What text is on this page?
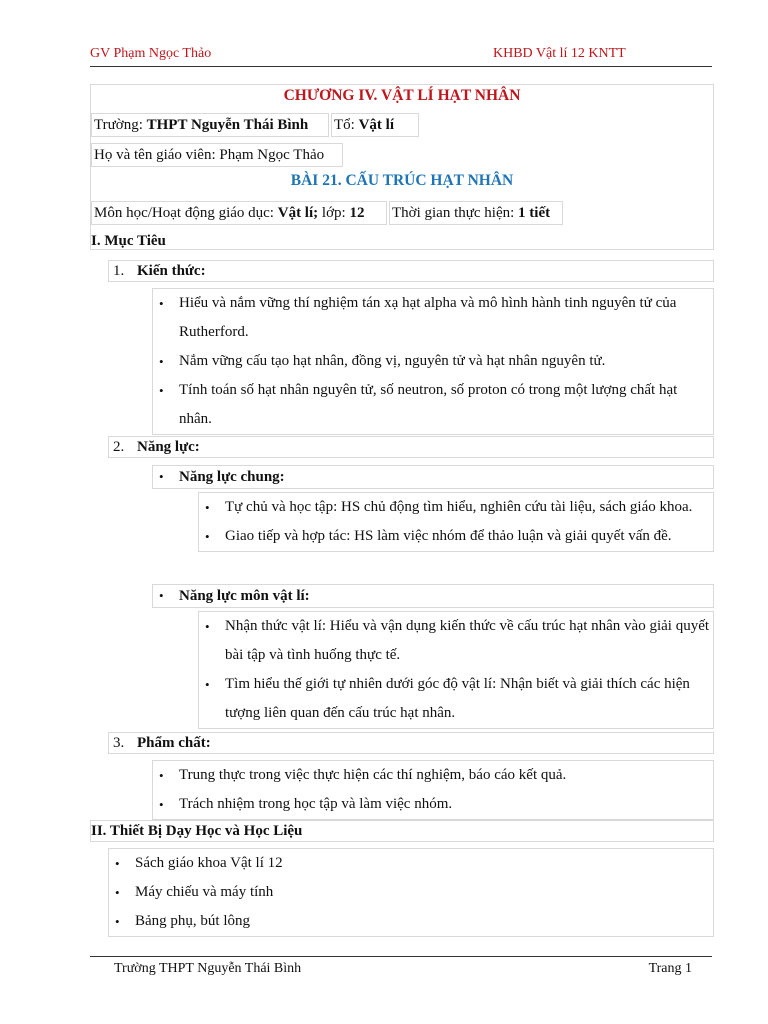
GV Phạm Ngọc Thảo	KHBD Vật lí 12 KNTT
CHƯƠNG IV. VẬT LÍ HẠT NHÂN
Trường: THPT Nguyễn Thái Bình	Tổ: Vật lí
Họ và tên giáo viên: Phạm Ngọc Thảo
BÀI 21. CẤU TRÚC HẠT NHÂN
Môn học/Hoạt động giáo dục: Vật lí; lớp: 12	Thời gian thực hiện: 1 tiết
I. Mục Tiêu
1. Kiến thức:
• Hiểu và nắm vững thí nghiệm tán xạ hạt alpha và mô hình hành tinh nguyên tử của Rutherford.
• Nắm vững cấu tạo hạt nhân, đồng vị, nguyên tử và hạt nhân nguyên tử.
• Tính toán số hạt nhân nguyên tử, số neutron, số proton có trong một lượng chất hạt nhân.
2. Năng lực:
• Năng lực chung:
• Tự chủ và học tập: HS chủ động tìm hiểu, nghiên cứu tài liệu, sách giáo khoa.
• Giao tiếp và hợp tác: HS làm việc nhóm để thảo luận và giải quyết vấn đề.
• Năng lực môn vật lí:
• Nhận thức vật lí: Hiểu và vận dụng kiến thức về cấu trúc hạt nhân vào giải quyết bài tập và tình huống thực tế.
• Tìm hiểu thế giới tự nhiên dưới góc độ vật lí: Nhận biết và giải thích các hiện tượng liên quan đến cấu trúc hạt nhân.
3. Phẩm chất:
• Trung thực trong việc thực hiện các thí nghiệm, báo cáo kết quả.
• Trách nhiệm trong học tập và làm việc nhóm.
II. Thiết Bị Dạy Học và Học Liệu
• Sách giáo khoa Vật lí 12
• Máy chiếu và máy tính
• Bảng phụ, bút lông
Trường THPT Nguyễn Thái Bình	Trang 1
